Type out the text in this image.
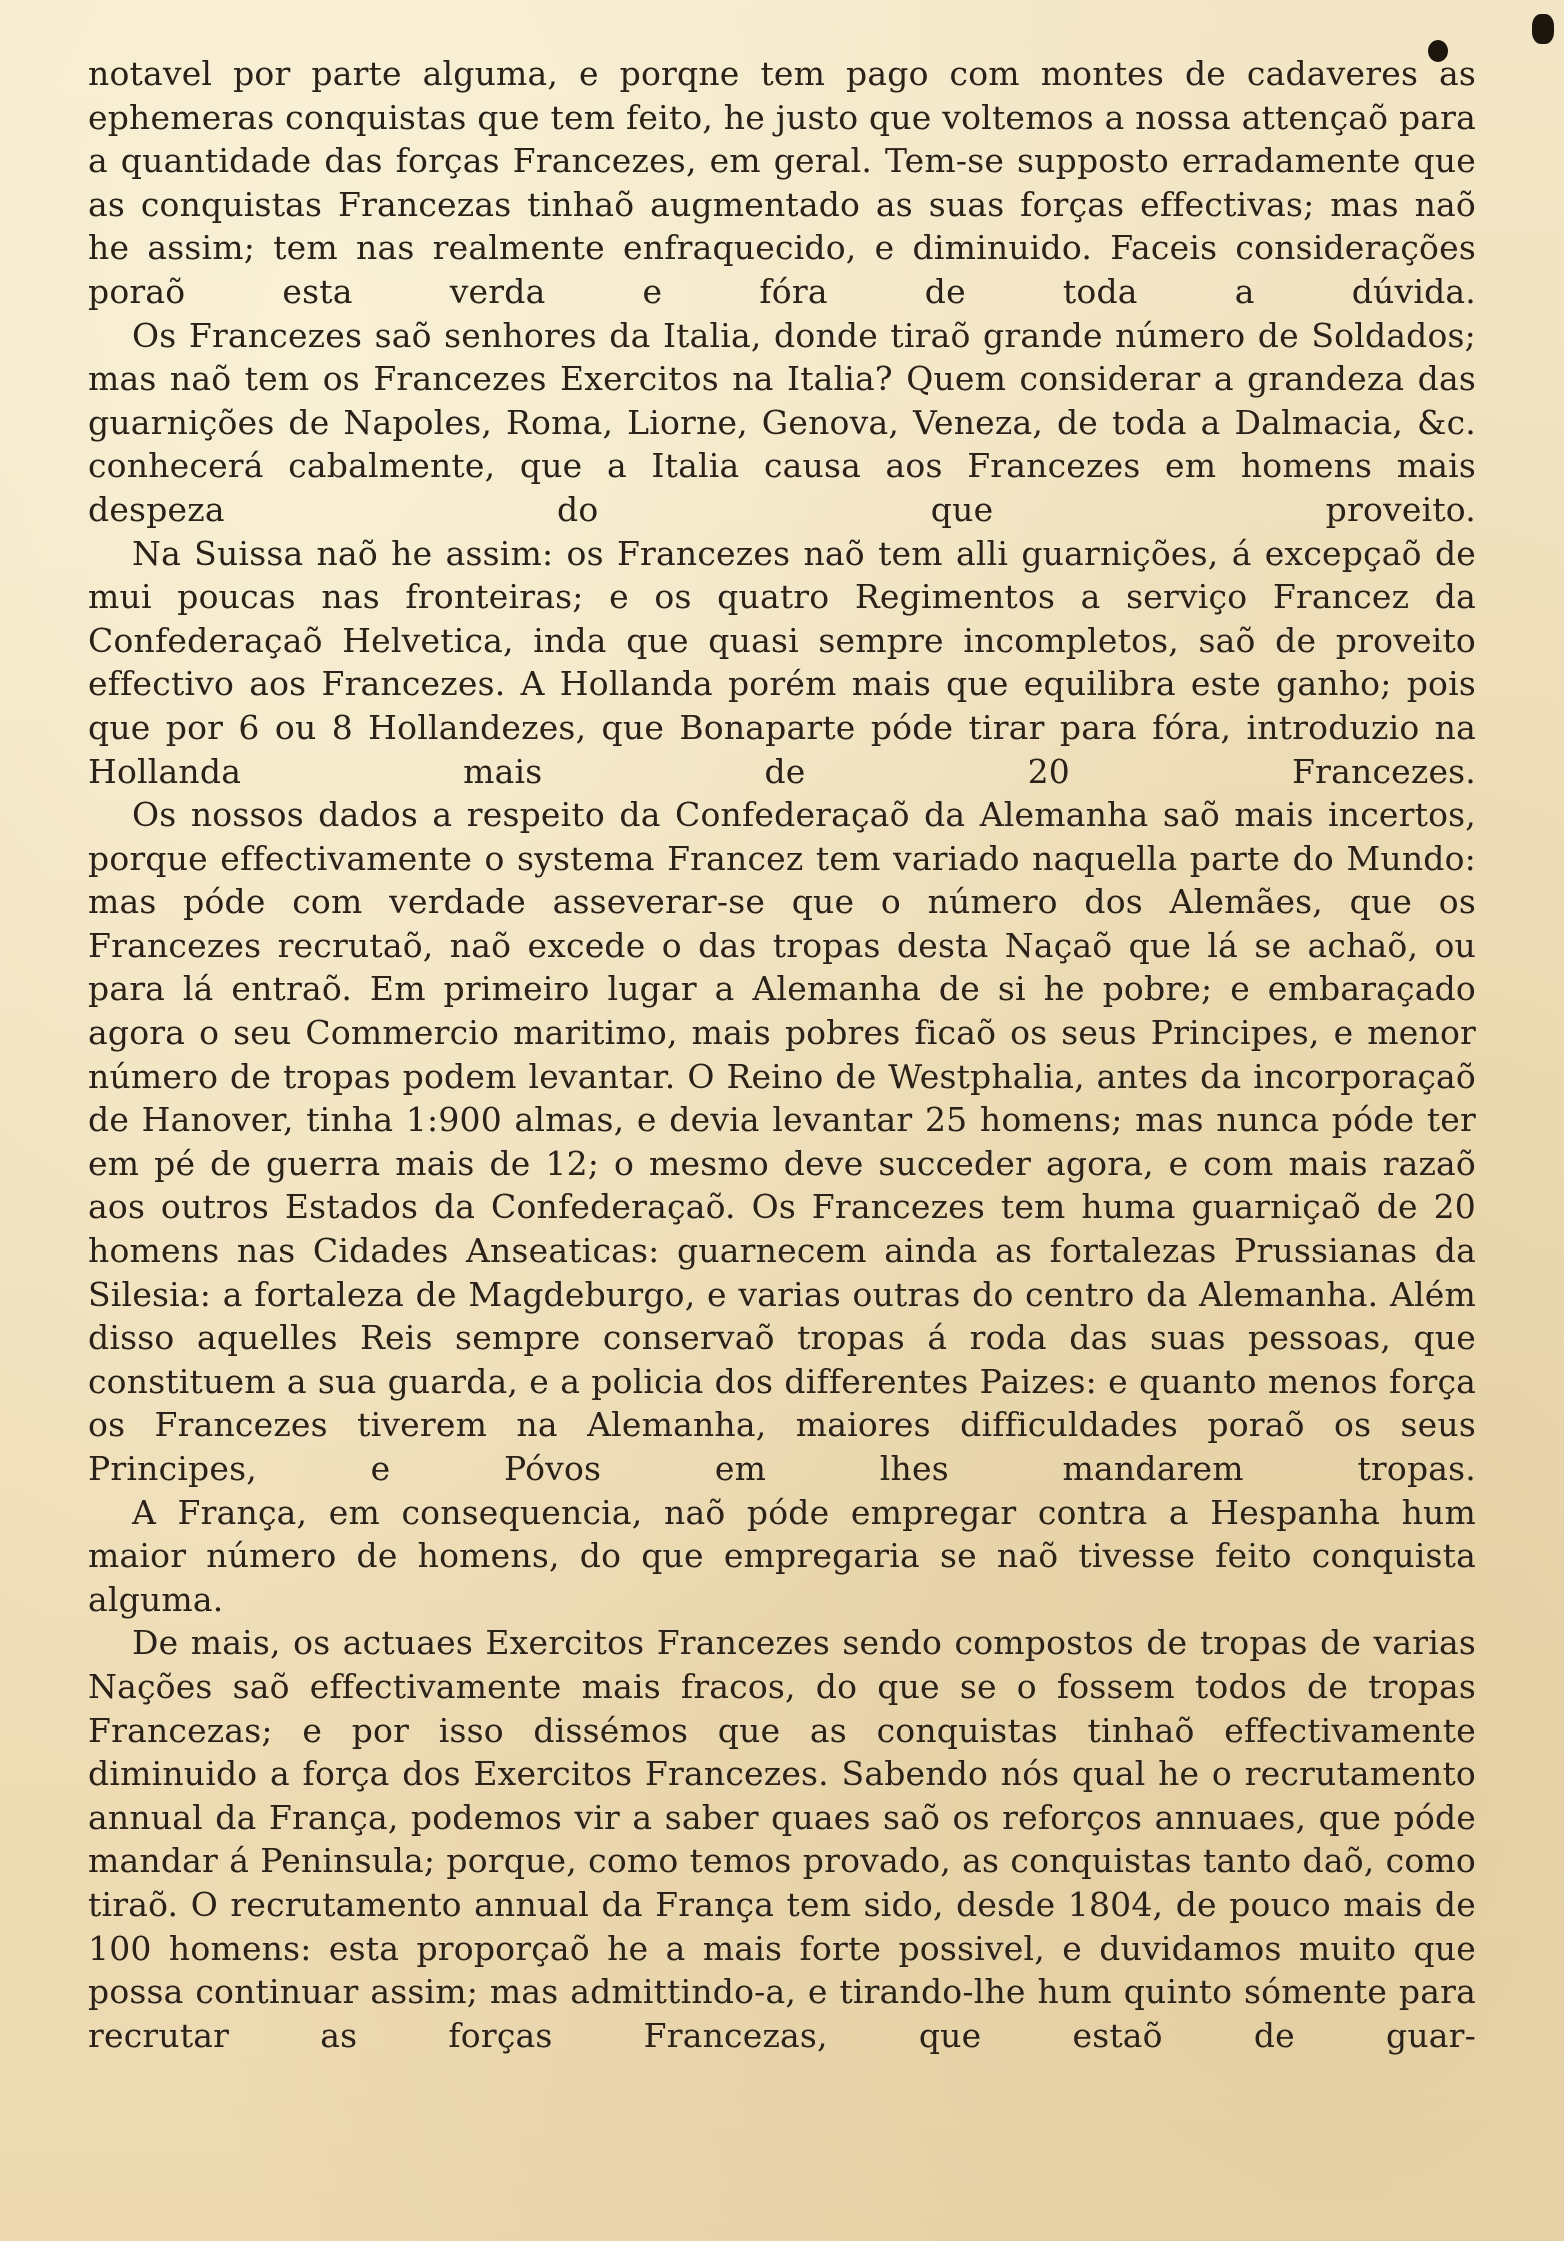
notavel por parte alguma, e porqne tem pago com montes de cadaveres as ephemeras conquistas que tem feito, he justo que voltemos a nossa attençaõ para a quantidade das forças Francezes, em geral. Tem-se supposto erradamente que as conquistas Francezas tinhaõ augmentado as suas forças effectivas; mas naõ he assim; tem nas realmente enfraquecido, e diminuido. Faceis considerações poraõ esta verda e fóra de toda a dúvida.

Os Francezes saõ senhores da Italia, donde tiraõ grande número de Soldados; mas naõ tem os Francezes Exercitos na Italia? Quem considerar a grandeza das guarnições de Napoles, Roma, Liorne, Genova, Veneza, de toda a Dalmacia, &c. conhecerá cabalmente, que a Italia causa aos Francezes em homens mais despeza do que proveito.

Na Suissa naõ he assim: os Francezes naõ tem alli guarnições, á excepçaõ de mui poucas nas fronteiras; e os quatro Regimentos a serviço Francez da Confederaçaõ Helvetica, inda que quasi sempre incompletos, saõ de proveito effectivo aos Francezes. A Hollanda porém mais que equilibra este ganho; pois que por 6 ou 8 Hollandezes, que Bonaparte póde tirar para fóra, introduzio na Hollanda mais de 20 Francezes.

Os nossos dados a respeito da Confederaçaõ da Alemanha saõ mais incertos, porque effectivamente o systema Francez tem variado naquella parte do Mundo: mas póde com verdade asseverar-se que o número dos Alemães, que os Francezes recrutaõ, naõ excede o das tropas desta Naçaõ que lá se achaõ, ou para lá entraõ. Em primeiro lugar a Alemanha de si he pobre; e embaraçado agora o seu Commercio maritimo, mais pobres ficaõ os seus Principes, e menor número de tropas podem levantar. O Reino de Westphalia, antes da incorporaçaõ de Hanover, tinha 1:900 almas, e devia levantar 25 homens; mas nunca póde ter em pé de guerra mais de 12; o mesmo deve succeder agora, e com mais razaõ aos outros Estados da Confederaçaõ. Os Francezes tem huma guarniçaõ de 20 homens nas Cidades Anseaticas: guarnecem ainda as fortalezas Prussianas da Silesia: a fortaleza de Magdeburgo, e varias outras do centro da Alemanha. Além disso aquelles Reis sempre conservaõ tropas á roda das suas pessoas, que constituem a sua guarda, e a policia dos differentes Paizes: e quanto menos força os Francezes tiverem na Alemanha, maiores difficuldades poraõ os seus Principes, e Póvos em lhes mandarem tropas.

A França, em consequencia, naõ póde empregar contra a Hespanha hum maior número de homens, do que empregaria se naõ tivesse feito conquista alguma.

De mais, os actuaes Exercitos Francezes sendo compostos de tropas de varias Nações saõ effectivamente mais fracos, do que se o fossem todos de tropas Francezas; e por isso dissémos que as conquistas tinhaõ effectivamente diminuido a força dos Exercitos Francezes. Sabendo nós qual he o recrutamento annual da França, podemos vir a saber quaes saõ os reforços annuaes, que póde mandar á Peninsula; porque, como temos provado, as conquistas tanto daõ, como tiraõ. O recrutamento annual da França tem sido, desde 1804, de pouco mais de 100 homens: esta proporçaõ he a mais forte possivel, e duvidamos muito que possa continuar assim; mas admittindo-a, e tirando-lhe hum quinto sómente para recrutar as forças Francezas, que estaõ de guar-
